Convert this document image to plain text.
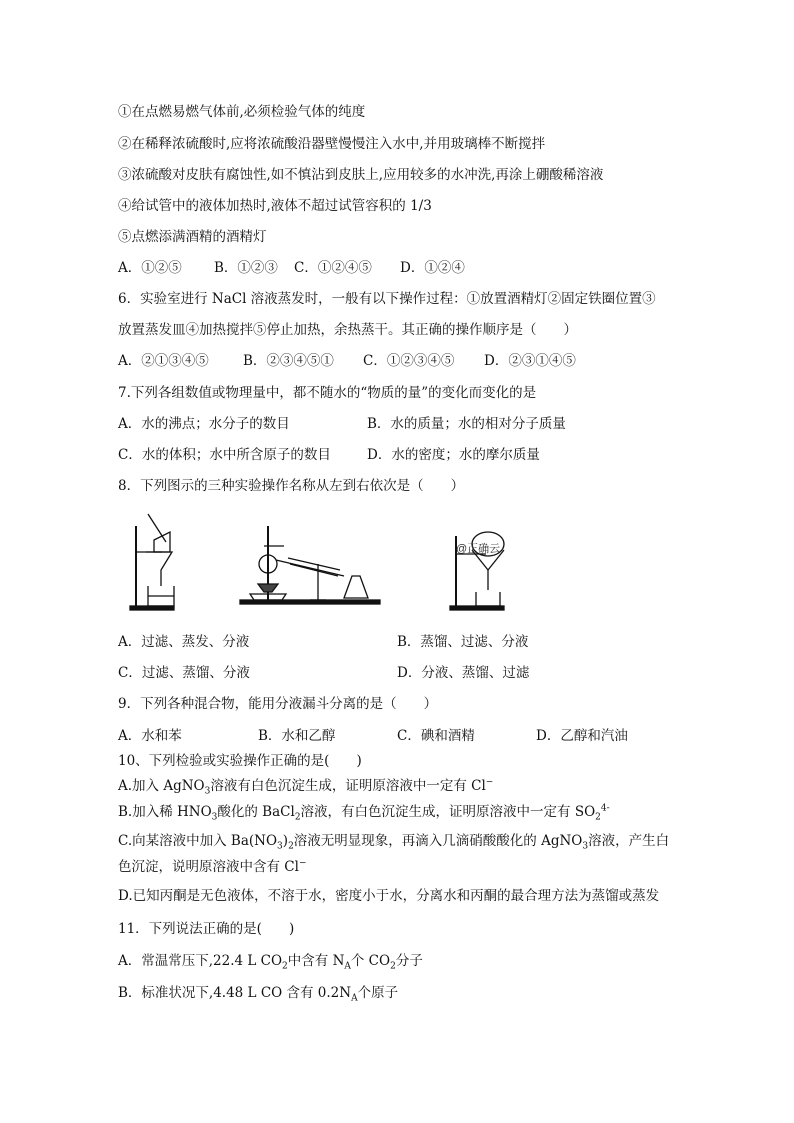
①在点燃易燃气体前,必须检验气体的纯度
②在稀释浓硫酸时,应将浓硫酸沿器壁慢慢注入水中,并用玻璃棒不断搅拌
③浓硫酸对皮肤有腐蚀性,如不慎沾到皮肤上,应用较多的水冲洗,再涂上硼酸稀溶液
④给试管中的液体加热时,液体不超过试管容积的 1/3
⑤点燃添满酒精的酒精灯
A．①②⑤ B．①②③ C．①②④⑤ D．①②④
6．实验室进行 NaCl 溶液蒸发时，一般有以下操作过程：①放置酒精灯②固定铁圈位置③
放置蒸发皿④加热搅拌⑤停止加热，余热蒸干。其正确的操作顺序是（　　）
A．②①③④⑤	B．②③④⑤① C．①②③④⑤ D．②③①④⑤
7.下列各组数值或物理量中，都不随水的“物质的量”的变化而变化的是
A．水的沸点；水分子的数目	B．水的质量；水的相对分子质量
C．水的体积；水中所含原子的数目	D．水的密度；水的摩尔质量
8．下列图示的三种实验操作名称从左到右依次是（　　）
@正确云
A．过滤、蒸发、分液	B．蒸馏、过滤、分液
C．过滤、蒸馏、分液	D．分液、蒸馏、过滤
9．下列各种混合物，能用分液漏斗分离的是（　　）
A．水和苯	B．水和乙醇	C．碘和酒精	D．乙醇和汽油
10、下列检验或实验操作正确的是(　　)
A.加入 AgNO$_3$溶液有白色沉淀生成，证明原溶液中一定有 Cl−
B.加入稀 $HNO_3$酸化的 BaCl$_2$溶液，有白色沉淀生成，证明原溶液中一定有 $SO_2^{4-}$
C.向某溶液中加入 $Ba(NO_3)_2$溶液无明显现象，再滴入几滴硝酸酸化的 AgNO$_3$溶液，产生白
色沉淀，说明原溶液中含有 Cl−
D.已知丙酮是无色液体，不溶于水，密度小于水，分离水和丙酮的最合理方法为蒸馏或蒸发
11．下列说法正确的是(　　)
A．常温常压下,22.4 L $CO_2$中含有 $N_A$个 $CO_2$分子
B．标准状况下,4.48 L CO 含有 $0.2N_A$个原子
